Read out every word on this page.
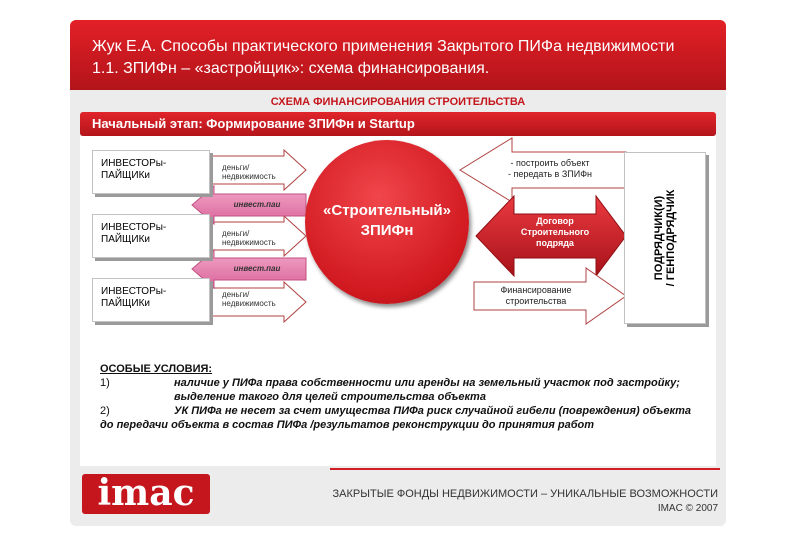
Жук Е.А. Способы практического применения Закрытого ПИФа недвижимости
1.1. ЗПИФн – «застройщик»: схема финансирования.
СХЕМА ФИНАНСИРОВАНИЯ СТРОИТЕЛЬСТВА
Начальный этап: Формирование ЗПИФн и Startup
ИНВЕСТОРы-ПАЙЩИКи
ИНВЕСТОРы-ПАЙЩИКи
ИНВЕСТОРы-ПАЙЩИКи
деньги/ недвижимость
деньги/ недвижимость
деньги/ недвижимость
инвест.паи
инвест.паи
«Строительный»
ЗПИФн
- построить объект
- передать в ЗПИФн
Договор Строительного подряда
Финансирование строительства
ПОДРЯДЧИК(И) / ГЕНПОДРЯДЧИК
ОСОБЫЕ УСЛОВИЯ:
1)	наличие у ПИФа права собственности или аренды на земельный участок под застройку;
выделение такого для целей строительства объекта
2)	УК ПИФа не несет за счет имущества ПИФа риск случайной гибели (повреждения) объекта до передачи объекта в состав ПИФа /результатов реконструкции до принятия работ
imac	ЗАКРЫТЫЕ ФОНДЫ НЕДВИЖИМОСТИ – УНИКАЛЬНЫЕ ВОЗМОЖНОСТИ
IMAC © 2007
